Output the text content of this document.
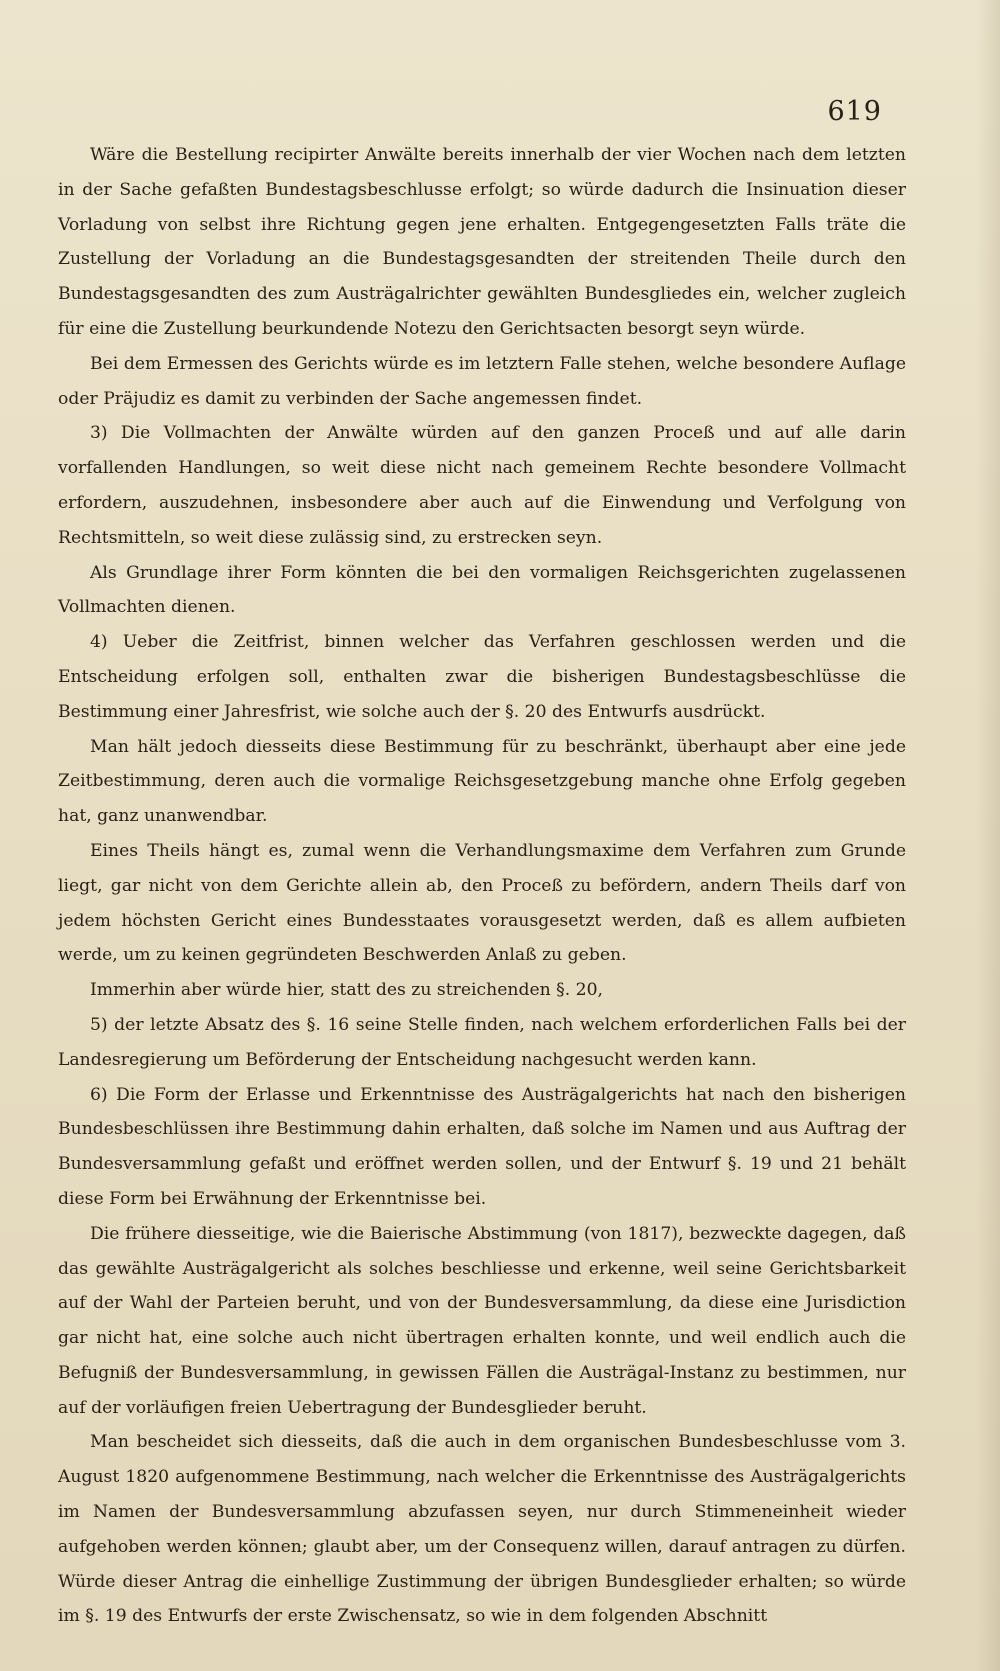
619

Wäre die Bestellung recipirter Anwälte bereits innerhalb der vier Wochen nach dem letzten in der Sache gefaßten Bundestagsbeschlusse erfolgt; so würde dadurch die Insinuation dieser Vorladung von selbst ihre Richtung gegen jene erhalten. Entgegengesetzten Falls träte die Zustellung der Vorladung an die Bundestagsgesandten der streitenden Theile durch den Bundestagsgesandten des zum Austrägalrichter gewählten Bundesgliedes ein, welcher zugleich für eine die Zustellung beurkundende Notezu den Gerichtsacten besorgt seyn würde.

Bei dem Ermessen des Gerichts würde es im letztern Falle stehen, welche besondere Auflage oder Präjudiz es damit zu verbinden der Sache angemessen findet.

3) Die Vollmachten der Anwälte würden auf den ganzen Proceß und auf alle darin vorfallenden Handlungen, so weit diese nicht nach gemeinem Rechte besondere Vollmacht erfordern, auszudehnen, insbesondere aber auch auf die Einwendung und Verfolgung von Rechtsmitteln, so weit diese zulässig sind, zu erstrecken seyn.

Als Grundlage ihrer Form könnten die bei den vormaligen Reichsgerichten zugelassenen Vollmachten dienen.

4) Ueber die Zeitfrist, binnen welcher das Verfahren geschlossen werden und die Entscheidung erfolgen soll, enthalten zwar die bisherigen Bundestagsbeschlüsse die Bestimmung einer Jahresfrist, wie solche auch der §. 20 des Entwurfs ausdrückt.

Man hält jedoch diesseits diese Bestimmung für zu beschränkt, überhaupt aber eine jede Zeitbestimmung, deren auch die vormalige Reichsgesetzgebung manche ohne Erfolg gegeben hat, ganz unanwendbar.

Eines Theils hängt es, zumal wenn die Verhandlungsmaxime dem Verfahren zum Grunde liegt, gar nicht von dem Gerichte allein ab, den Proceß zu befördern, andern Theils darf von jedem höchsten Gericht eines Bundesstaates vorausgesetzt werden, daß es allem aufbieten werde, um zu keinen gegründeten Beschwerden Anlaß zu geben.

Immerhin aber würde hier, statt des zu streichenden §. 20,

5) der letzte Absatz des §. 16 seine Stelle finden, nach welchem erforderlichen Falls bei der Landesregierung um Beförderung der Entscheidung nachgesucht werden kann.

6) Die Form der Erlasse und Erkenntnisse des Austrägalgerichts hat nach den bisherigen Bundesbeschlüssen ihre Bestimmung dahin erhalten, daß solche im Namen und aus Auftrag der Bundesversammlung gefaßt und eröffnet werden sollen, und der Entwurf §. 19 und 21 behält diese Form bei Erwähnung der Erkenntnisse bei.

Die frühere diesseitige, wie die Baierische Abstimmung (von 1817), bezweckte dagegen, daß das gewählte Austrägalgericht als solches beschliesse und erkenne, weil seine Gerichtsbarkeit auf der Wahl der Parteien beruht, und von der Bundesversammlung, da diese eine Jurisdiction gar nicht hat, eine solche auch nicht übertragen erhalten konnte, und weil endlich auch die Befugniß der Bundesversammlung, in gewissen Fällen die Austrägal-Instanz zu bestimmen, nur auf der vorläufigen freien Uebertragung der Bundesglieder beruht.

Man bescheidet sich diesseits, daß die auch in dem organischen Bundesbeschlusse vom 3. August 1820 aufgenommene Bestimmung, nach welcher die Erkenntnisse des Austrägalgerichts im Namen der Bundesversammlung abzufassen seyen, nur durch Stimmeneinheit wieder aufgehoben werden können; glaubt aber, um der Consequenz willen, darauf antragen zu dürfen. Würde dieser Antrag die einhellige Zustimmung der übrigen Bundesglieder erhalten; so würde im §. 19 des Entwurfs der erste Zwischensatz, so wie in dem folgenden Abschnitt
